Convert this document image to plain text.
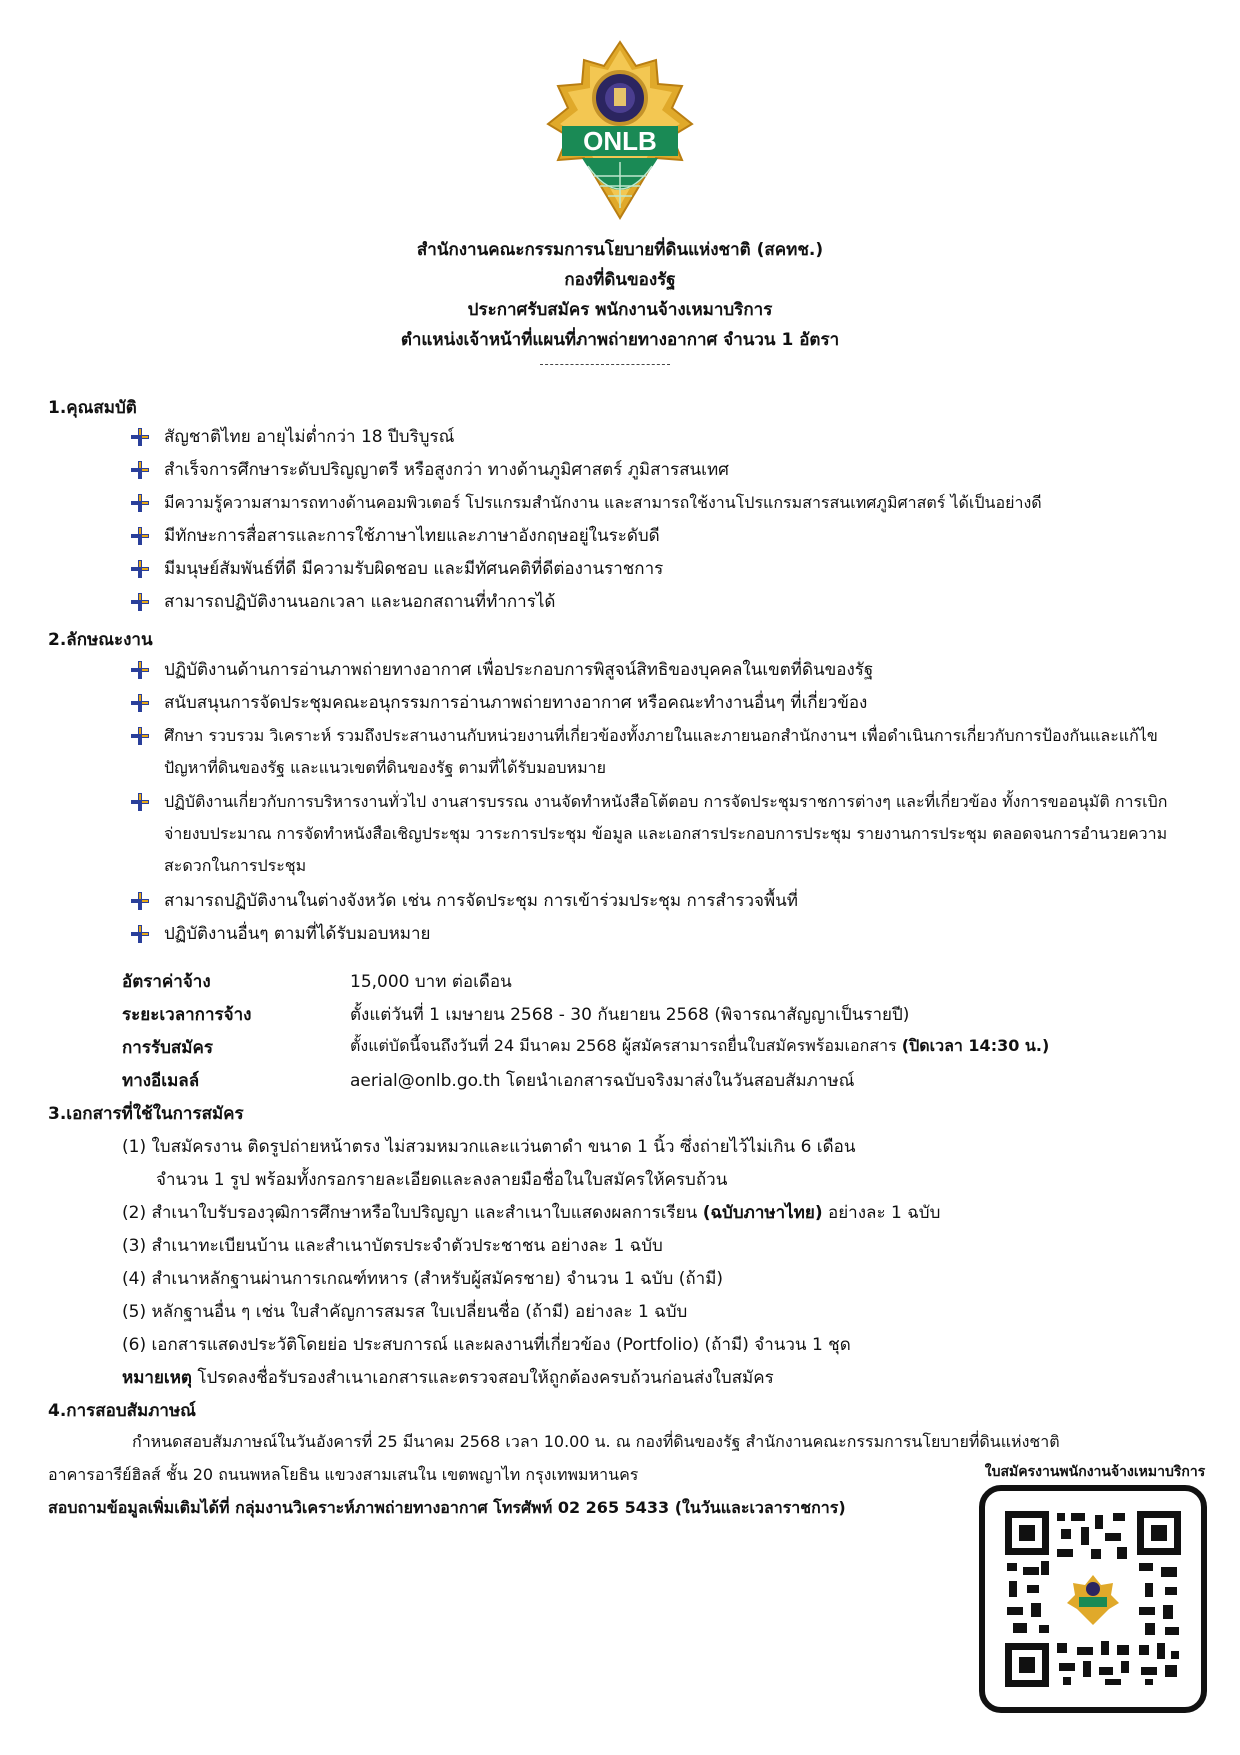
ONLB
สำนักงานคณะกรรมการนโยบายที่ดินแห่งชาติ (สคทช.)
กองที่ดินของรัฐ
ประกาศรับสมัคร พนักงานจ้างเหมาบริการ
ตำแหน่งเจ้าหน้าที่แผนที่ภาพถ่ายทางอากาศ จำนวน 1 อัตรา
1.คุณสมบัติ
สัญชาติไทย อายุไม่ต่ำกว่า 18 ปีบริบูรณ์
สำเร็จการศึกษาระดับปริญญาตรี หรือสูงกว่า ทางด้านภูมิศาสตร์ ภูมิสารสนเทศ
มีความรู้ความสามารถทางด้านคอมพิวเตอร์ โปรแกรมสำนักงาน และสามารถใช้งานโปรแกรมสารสนเทศภูมิศาสตร์ ได้เป็นอย่างดี
มีทักษะการสื่อสารและการใช้ภาษาไทยและภาษาอังกฤษอยู่ในระดับดี
มีมนุษย์สัมพันธ์ที่ดี มีความรับผิดชอบ และมีทัศนคติที่ดีต่องานราชการ
สามารถปฏิบัติงานนอกเวลา และนอกสถานที่ทำการได้
2.ลักษณะงาน
ปฏิบัติงานด้านการอ่านภาพถ่ายทางอากาศ เพื่อประกอบการพิสูจน์สิทธิของบุคคลในเขตที่ดินของรัฐ
สนับสนุนการจัดประชุมคณะอนุกรรมการอ่านภาพถ่ายทางอากาศ หรือคณะทำงานอื่นๆ ที่เกี่ยวข้อง
ศึกษา รวบรวม วิเคราะห์ รวมถึงประสานงานกับหน่วยงานที่เกี่ยวข้องทั้งภายในและภายนอกสำนักงานฯ เพื่อดำเนินการเกี่ยวกับการป้องกันและแก้ไขปัญหาที่ดินของรัฐ และแนวเขตที่ดินของรัฐ ตามที่ได้รับมอบหมาย
ปฏิบัติงานเกี่ยวกับการบริหารงานทั่วไป งานสารบรรณ งานจัดทำหนังสือโต้ตอบ การจัดประชุมราชการต่างๆ และที่เกี่ยวข้อง ทั้งการขออนุมัติ การเบิกจ่ายงบประมาณ การจัดทำหนังสือเชิญประชุม วาระการประชุม ข้อมูล และเอกสารประกอบการประชุม รายงานการประชุม ตลอดจนการอำนวยความสะดวกในการประชุม
สามารถปฏิบัติงานในต่างจังหวัด เช่น การจัดประชุม การเข้าร่วมประชุม การสำรวจพื้นที่
ปฏิบัติงานอื่นๆ ตามที่ได้รับมอบหมาย
อัตราค่าจ้าง	15,000 บาท ต่อเดือน
ระยะเวลาการจ้าง	ตั้งแต่วันที่ 1 เมษายน 2568 - 30 กันยายน 2568 (พิจารณาสัญญาเป็นรายปี)
การรับสมัคร	ตั้งแต่บัดนี้จนถึงวันที่ 24 มีนาคม 2568 ผู้สมัครสามารถยื่นใบสมัครพร้อมเอกสาร (ปิดเวลา 14:30 น.)
ทางอีเมลล์	aerial@onlb.go.th โดยนำเอกสารฉบับจริงมาส่งในวันสอบสัมภาษณ์
3.เอกสารที่ใช้ในการสมัคร
(1) ใบสมัครงาน ติดรูปถ่ายหน้าตรง ไม่สวมหมวกและแว่นตาดำ ขนาด 1 นิ้ว ซึ่งถ่ายไว้ไม่เกิน 6 เดือน
จำนวน 1 รูป พร้อมทั้งกรอกรายละเอียดและลงลายมือชื่อในใบสมัครให้ครบถ้วน
(2) สำเนาใบรับรองวุฒิการศึกษาหรือใบปริญญา และสำเนาใบแสดงผลการเรียน (ฉบับภาษาไทย) อย่างละ 1 ฉบับ
(3) สำเนาทะเบียนบ้าน และสำเนาบัตรประจำตัวประชาชน อย่างละ 1 ฉบับ
(4) สำเนาหลักฐานผ่านการเกณฑ์ทหาร (สำหรับผู้สมัครชาย) จำนวน 1 ฉบับ (ถ้ามี)
(5) หลักฐานอื่น ๆ เช่น ใบสำคัญการสมรส ใบเปลี่ยนชื่อ (ถ้ามี) อย่างละ 1 ฉบับ
(6) เอกสารแสดงประวัติโดยย่อ ประสบการณ์ และผลงานที่เกี่ยวข้อง (Portfolio) (ถ้ามี) จำนวน 1 ชุด
หมายเหตุ โปรดลงชื่อรับรองสำเนาเอกสารและตรวจสอบให้ถูกต้องครบถ้วนก่อนส่งใบสมัคร
4.การสอบสัมภาษณ์
กำหนดสอบสัมภาษณ์ในวันอังคารที่ 25 มีนาคม 2568 เวลา 10.00 น. ณ กองที่ดินของรัฐ สำนักงานคณะกรรมการนโยบายที่ดินแห่งชาติ
อาคารอารีย์ฮิลส์ ชั้น 20 ถนนพหลโยธิน แขวงสามเสนใน เขตพญาไท กรุงเทพมหานคร
สอบถามข้อมูลเพิ่มเติมได้ที่ กลุ่มงานวิเคราะห์ภาพถ่ายทางอากาศ โทรศัพท์ 02 265 5433 (ในวันและเวลาราชการ)
ใบสมัครงานพนักงานจ้างเหมาบริการ
